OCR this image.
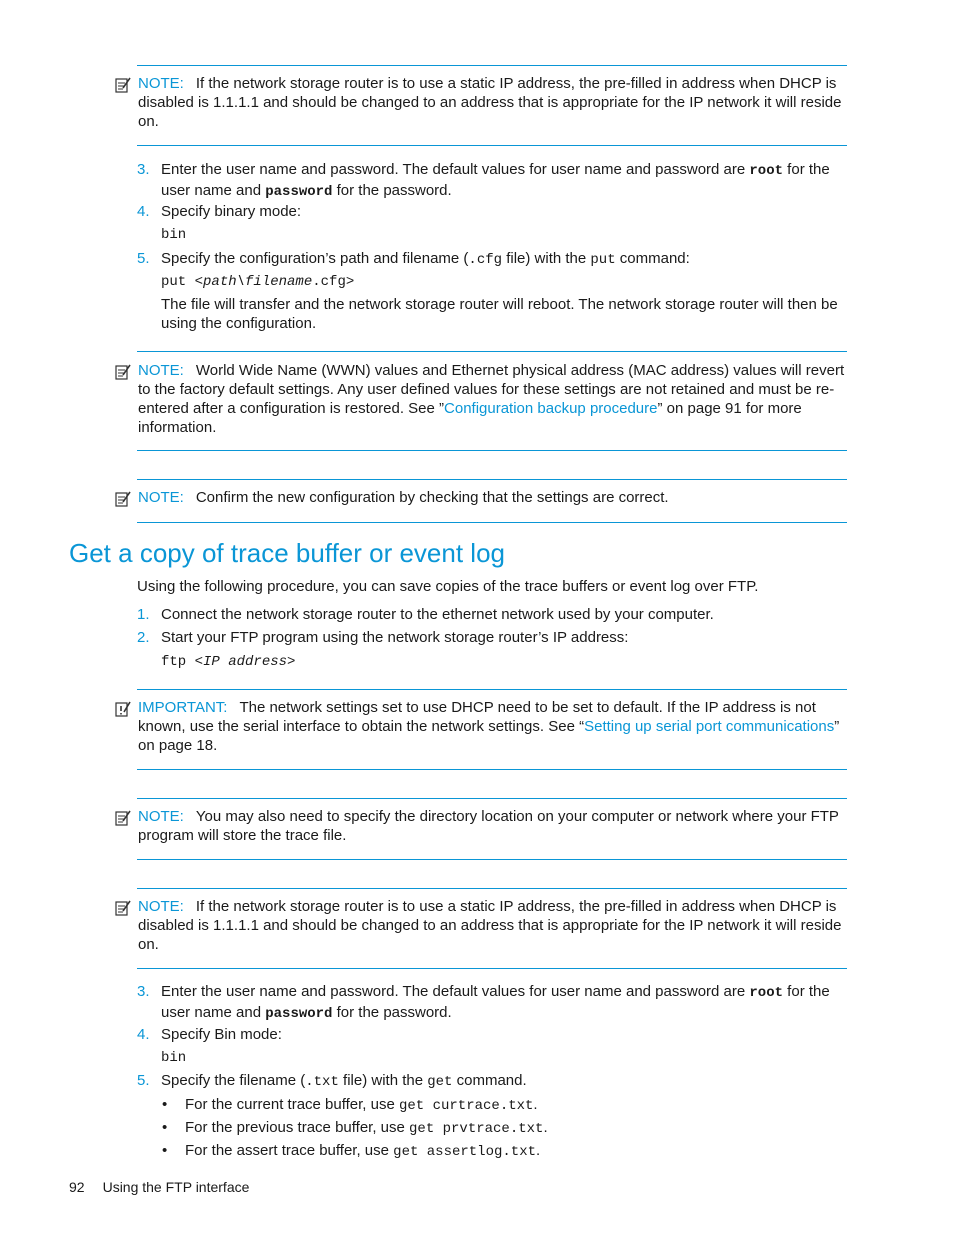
NOTE: If the network storage router is to use a static IP address, the pre-filled in address when DHCP is disabled is 1.1.1.1 and should be changed to an address that is appropriate for the IP network it will reside on.
3. Enter the user name and password. The default values for user name and password are root for the user name and password for the password.
4. Specify binary mode:
bin
5. Specify the configuration’s path and filename (.cfg file) with the put command:
put <path\filename.cfg>
The file will transfer and the network storage router will reboot. The network storage router will then be using the configuration.
NOTE: World Wide Name (WWN) values and Ethernet physical address (MAC address) values will revert to the factory default settings. Any user defined values for these settings are not retained and must be re-entered after a configuration is restored. See ”Configuration backup procedure” on page 91 for more information.
NOTE: Confirm the new configuration by checking that the settings are correct.
Get a copy of trace buffer or event log
Using the following procedure, you can save copies of the trace buffers or event log over FTP.
1. Connect the network storage router to the ethernet network used by your computer.
2. Start your FTP program using the network storage router’s IP address:
ftp <IP address>
IMPORTANT: The network settings set to use DHCP need to be set to default. If the IP address is not known, use the serial interface to obtain the network settings. See “Setting up serial port communications” on page 18.
NOTE: You may also need to specify the directory location on your computer or network where your FTP program will store the trace file.
NOTE: If the network storage router is to use a static IP address, the pre-filled in address when DHCP is disabled is 1.1.1.1 and should be changed to an address that is appropriate for the IP network it will reside on.
3. Enter the user name and password. The default values for user name and password are root for the user name and password for the password.
4. Specify Bin mode:
bin
5. Specify the filename (.txt file) with the get command.
• For the current trace buffer, use get curtrace.txt.
• For the previous trace buffer, use get prvtrace.txt.
• For the assert trace buffer, use get assertlog.txt.
92 Using the FTP interface
